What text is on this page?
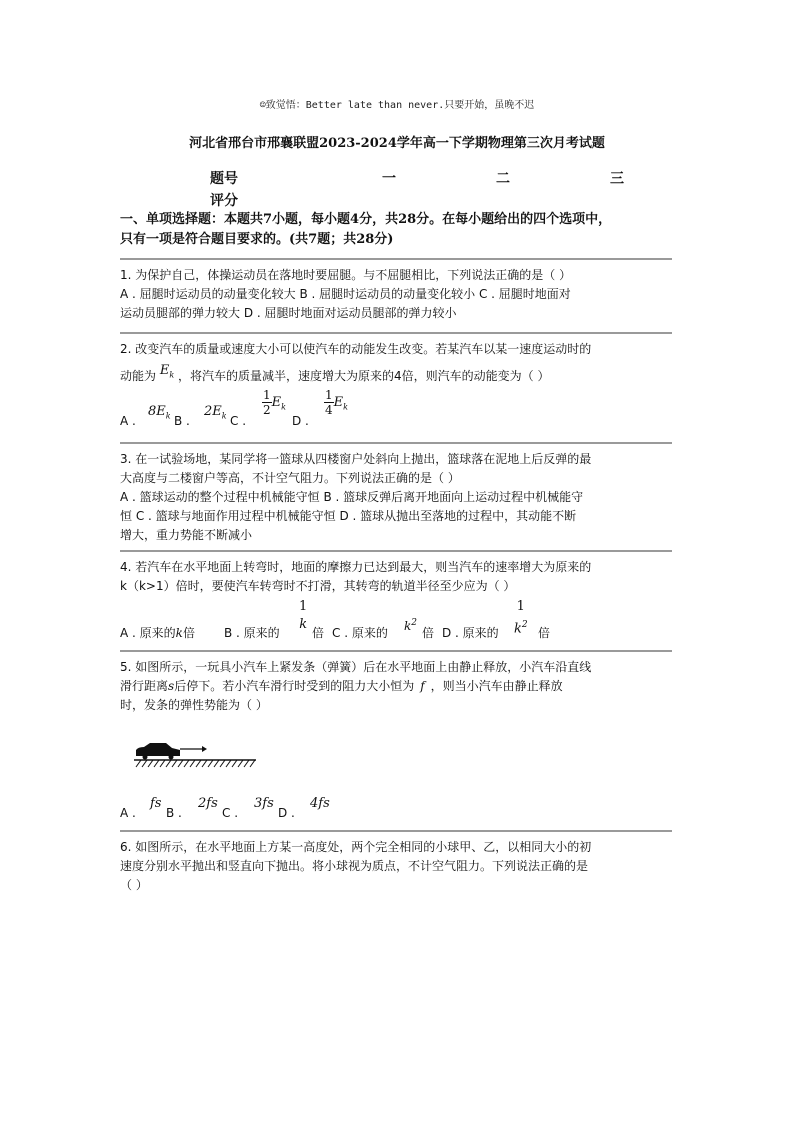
☺致觉悟：Better late than never.只要开始，虽晚不迟
河北省邢台市邢襄联盟2023-2024学年高一下学期物理第三次月考试题
题号	一	二	三
评分
一、单项选择题：本题共7小题，每小题4分，共28分。在每小题给出的四个选项中，
只有一项是符合题目要求的。(共7题；共28分)

1. 为保护自己，体操运动员在落地时要屈腿。与不屈腿相比，下列说法正确的是（ ）

A . 屈腿时运动员的动量变化较大 B . 屈腿时运动员的动量变化较小 C . 屈腿时地面对

运动员腿部的弹力较大 D . 屈腿时地面对运动员腿部的弹力较小

2. 改变汽车的质量或速度大小可以使汽车的动能发生改变。若某汽车以某一速度运动时的

动能为 $E_k$ ，将汽车的质量减半，速度增大为原来的4倍，则汽车的动能变为（ ）

A .
$8E_k$ B .
$2E_k$ C .
$\frac{1}{2} E_k$
D .
$\frac{1}{4} E_k$

3. 在一试验场地，某同学将一篮球从四楼窗户处斜向上抛出，篮球落在泥地上后反弹的最

大高度与二楼窗户等高，不计空气阻力。下列说法正确的是（ ）

A . 篮球运动的整个过程中机械能守恒 B . 篮球反弹后离开地面向上运动过程中机械能守

恒 C . 篮球与地面作用过程中机械能守恒 D . 篮球从抛出至落地的过程中，其动能不断

增大，重力势能不断减小

4. 若汽车在水平地面上转弯时，地面的摩擦力已达到最大，则当汽车的速率增大为原来的

k（k>1）倍时，要使汽车转弯时不打滑，其转弯的轨道半径至少应为（ ）

A . 原来的k倍 B . 原来的
1
k
倍 C . 原来的 $k^2$
倍 D . 原来的
1
$k^2$
倍

5. 如图所示，一玩具小汽车上紧发条（弹簧）后在水平地面上由静止释放，小汽车沿直线

滑行距离s后停下。若小汽车滑行时受到的阻力大小恒为 f ，则当小汽车由静止释放

时，发条的弹性势能为（ ）

A .
fs
B .
2fs
C .
3fs
D .
4fs

6. 如图所示，在水平地面上方某一高度处，两个完全相同的小球甲、乙，以相同大小的初

速度分别水平抛出和竖直向下抛出。将小球视为质点，不计空气阻力。下列说法正确的是

（ ）
